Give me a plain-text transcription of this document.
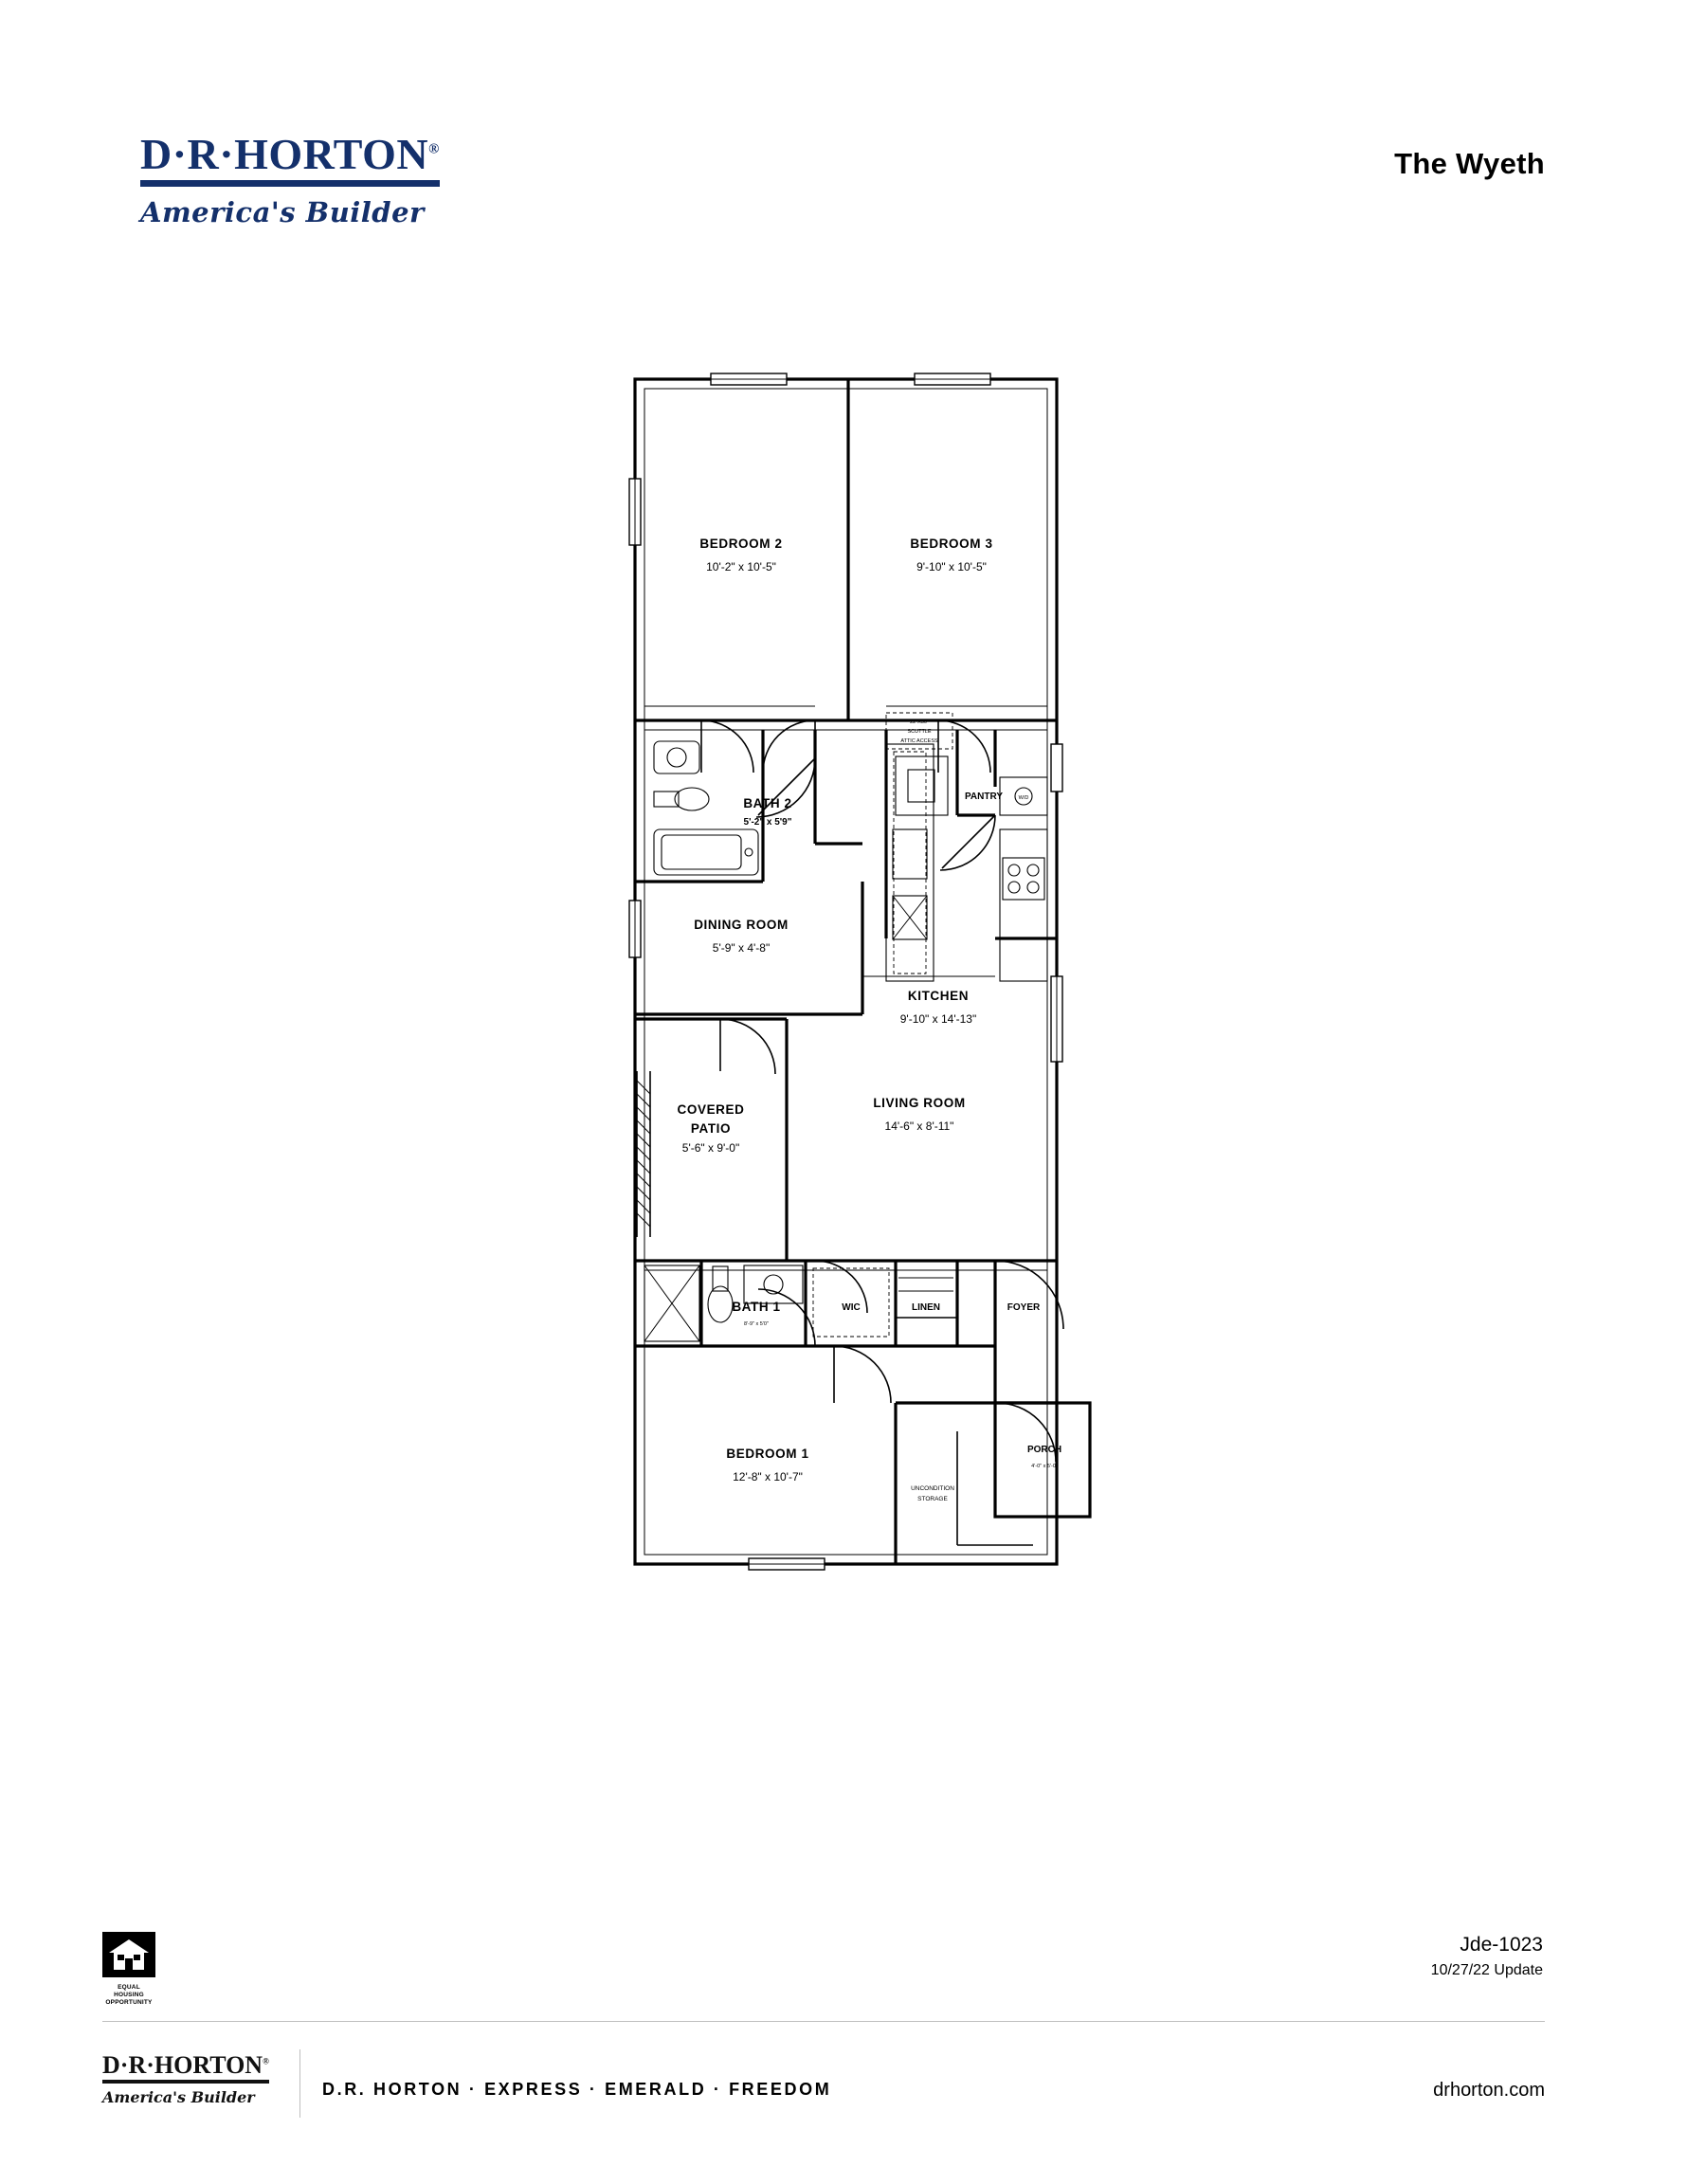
D·R·HORTON®
America's Builder
The Wyeth
BEDROOM 2
10'-2" x 10'-5"
BEDROOM 3
9'-10" x 10'-5"
BATH 2
5'-2" x 5'9"
DINING ROOM
5'-9" x 4'-8"
KITCHEN
9'-10" x 14'-13"
PANTRY
COVERED
PATIO
5'-6" x 9'-0"
LIVING ROOM
14'-6" x 8'-11"
BATH 1
8'-9" x 5'0"
WIC	LINEN	FOYER
BEDROOM 1
12'-8" x 10'-7"
PORCH
4'-0" x 5'-0"
UNCONDITION
STORAGE
22"X30"
SCUTTLE
ATTIC ACCESS
W/D
EQUAL HOUSING
OPPORTUNITY
Jde-1023
10/27/22 Update
D·R·HORTON®
America's Builder	D.R. HORTON · EXPRESS · EMERALD · FREEDOM	drhorton.com
